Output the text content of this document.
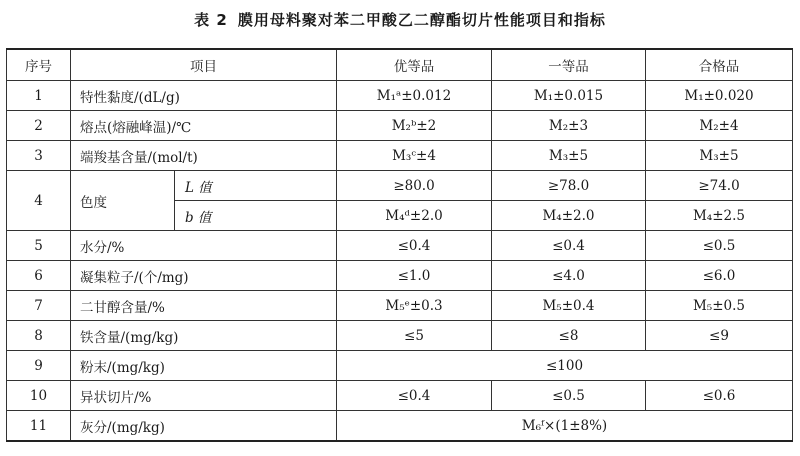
表 2 膜用母料聚对苯二甲酸乙二醇酯切片性能项目和指标
序号	项目		优等品	一等品	合格品
1	特性黏度/(dL/g)		M₁ᵃ±0.012	M₁±0.015	M₁±0.020
2	熔点(熔融峰温)/℃		M₂ᵇ±2	M₂±3	M₂±4
3	端羧基含量/(mol/t)		M₃ᶜ±4	M₃±5	M₃±5
4	色度	L 值	≥80.0	≥78.0	≥74.0
		b 值	M₄ᵈ±2.0	M₄±2.0	M₄±2.5
5	水分/%		≤0.4	≤0.4	≤0.5
6	凝集粒子/(个/mg)		≤1.0	≤4.0	≤6.0
7	二甘醇含量/%		M₅ᵉ±0.3	M₅±0.4	M₅±0.5
8	铁含量/(mg/kg)		≤5	≤8	≤9
9	粉末/(mg/kg)		≤100		
10	异状切片/%		≤0.4	≤0.5	≤0.6
11	灰分/(mg/kg)		M₆ᶠ×(1±8%)		
